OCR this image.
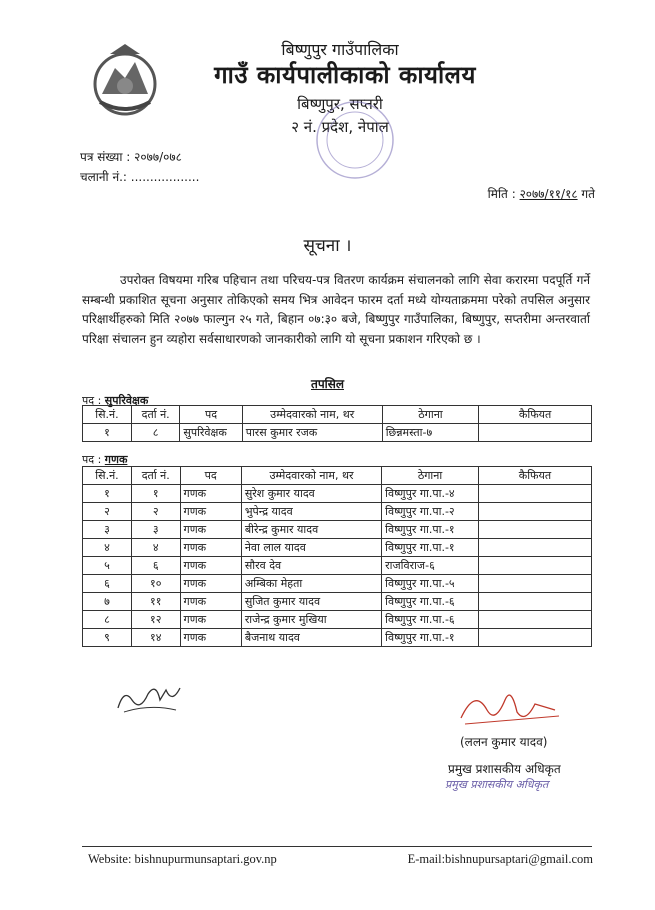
बिष्णुपुर गाउँपालिका
गाउँ कार्यपालीकाको कार्यालय
बिष्णुपुर, सप्तरी
२ नं. प्रदेश, नेपाल
पत्र संख्या : २०७७/०७८
चलानी नं.: ..................
मिति : २०७७/११/१८ गते
सूचना ।
उपरोक्त विषयमा गरिब पहिचान तथा परिचय-पत्र वितरण कार्यक्रम संचालनको लागि सेवा करारमा पदपूर्ति गर्ने सम्बन्धी प्रकाशित सूचना अनुसार तोकिएको समय भित्र आवेदन फारम दर्ता मध्ये योग्यताक्रममा परेको तपसिल अनुसार परिक्षार्थीहरुको मिति २०७७ फाल्गुन २५ गते, बिहान ०७:३० बजे, बिष्णुपुर गाउँपालिका, बिष्णुपुर, सप्तरीमा अन्तरवार्ता परिक्षा संचालन हुन व्यहोरा सर्वसाधारणको जानकारीको लागि यो सूचना प्रकाशन गरिएको छ ।
तपसिल
पद : सुपरिवेक्षक
सि.नं.	दर्ता नं.	पद	उम्मेदवारको नाम, थर	ठेगाना	कैफियत
१	८	सुपरिवेक्षक	पारस कुमार रजक	छिन्नमस्ता-७	
पद : गणक
सि.नं.	दर्ता नं.	पद	उम्मेदवारको नाम, थर	ठेगाना	कैफियत
१	१	गणक	सुरेश कुमार यादव	विष्णुपुर गा.पा.-४	
२	२	गणक	भुपेन्द्र यादव	विष्णुपुर गा.पा.-२	
३	३	गणक	बीरेन्द्र कुमार यादव	विष्णुपुर गा.पा.-१	
४	४	गणक	नेवा लाल यादव	विष्णुपुर गा.पा.-१	
५	६	गणक	सौरव देव	राजविराज-६	
६	१०	गणक	अम्बिका मेहता	विष्णुपुर गा.पा.-५	
७	११	गणक	सुजित कुमार यादव	विष्णुपुर गा.पा.-६	
८	१२	गणक	राजेन्द्र कुमार मुखिया	विष्णुपुर गा.पा.-६	
९	१४	गणक	बैजनाथ यादव	विष्णुपुर गा.पा.-१	
(ललन कुमार यादव)
प्रमुख प्रशासकीय अधिकृत
प्रमुख प्रशासकीय अधिकृत
Website: bishnupurmunsaptari.gov.np	E-mail:bishnupursaptari@gmail.com
